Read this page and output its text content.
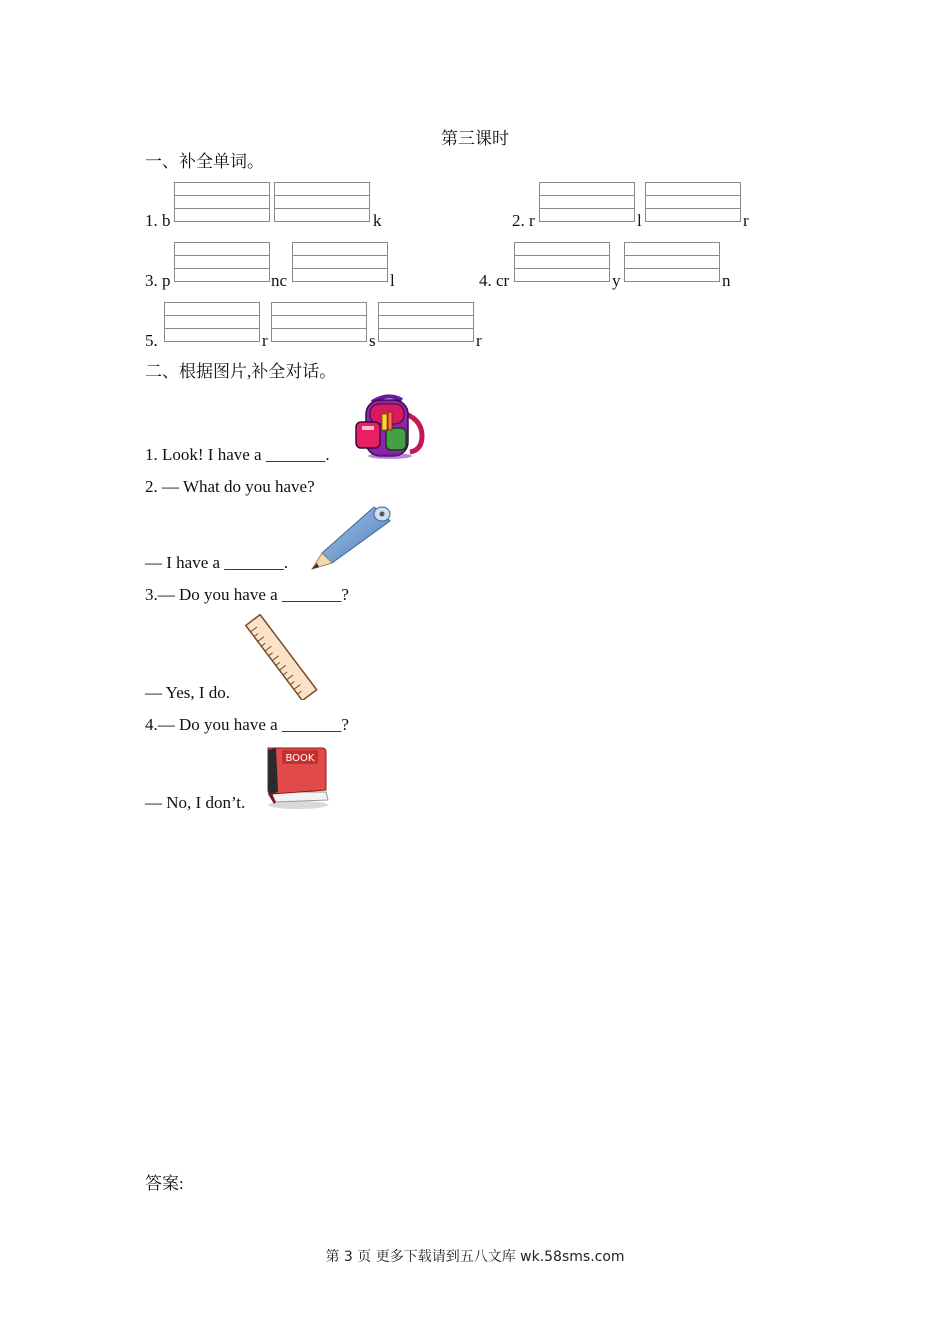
第三课时
一、补全单词。
1. b	k	2. r	l	r
3. p	nc	l	4. cr	y	n
5.	r	s	r
二、根据图片,补全对话。
1. Look! I have a _______.
2. — What do you have?
— I have a _______.
3.— Do you have a _______?
— Yes, I do.
4.— Do you have a _______?
— No, I don’t.
BOOK
答案:
第 3 页 更多下载请到五八文库 wk.58sms.com
